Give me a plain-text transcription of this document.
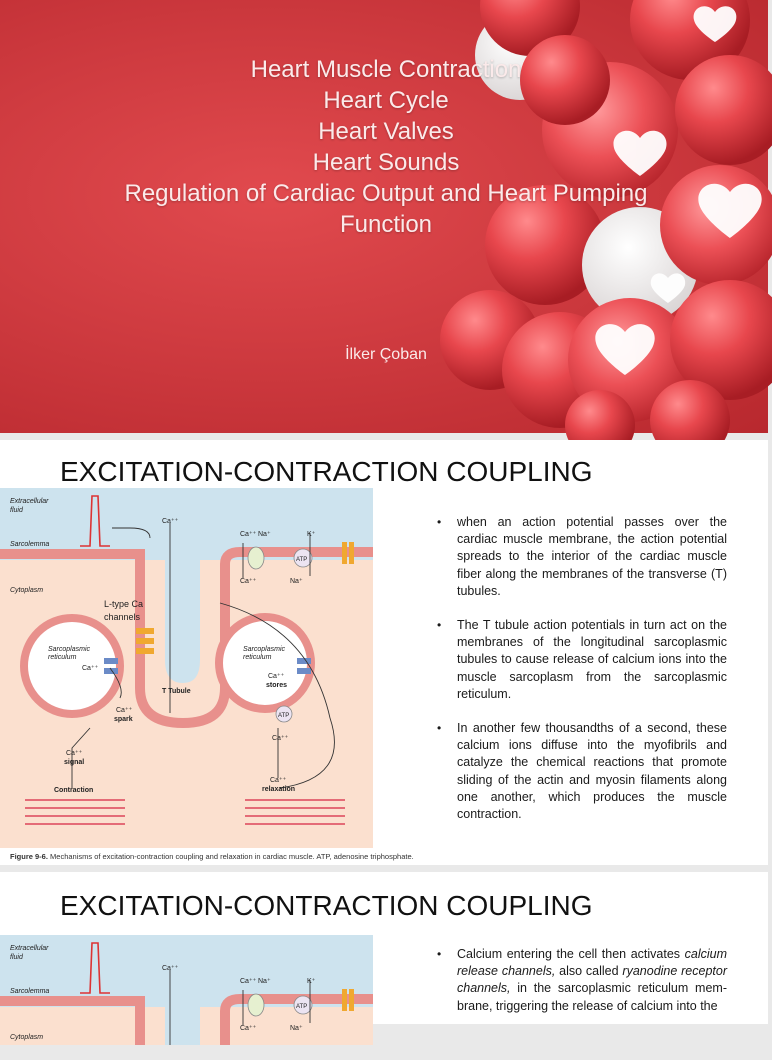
Heart Muscle Contraction
Heart Cycle
Heart Valves
Heart Sounds
Regulation of Cardiac Output and Heart Pumping
Function
İlker Çoban
EXCITATION-CONTRACTION COUPLING
Extracellular
fluid
Sarcolemma
Cytoplasm
L-type Ca
channels
Sarcoplasmic
reticulum
Sarcoplasmic
reticulum
T Tubule
Ca⁺⁺
Ca⁺⁺ Na⁺	K⁺
ATP
Ca⁺⁺	Na⁺
Ca⁺⁺
Ca⁺⁺
stores
ATP
Ca⁺⁺
Ca⁺⁺
spark
Ca⁺⁺
signal
Contraction
Ca⁺⁺
relaxation
Figure 9-6. Mechanisms of excitation-contraction coupling and relaxation in cardiac muscle. ATP, adenosine triphosphate.
• when an action potential passes over the cardiac muscle membrane, the action potential spreads to the interior of the cardiac muscle fiber along the membranes of the transverse (T) tubules.
• The T tubule action potentials in turn act on the membranes of the longitudinal sarcoplasmic tubules to cause release of calcium ions into the muscle sarcoplasm from the sarcoplasmic reticulum.
• In another few thousandths of a second, these calcium ions diffuse into the myofibrils and catalyze the chemical reactions that promote sliding of the actin and myosin filaments along one another, which produces the muscle contraction.
EXCITATION-CONTRACTION COUPLING
Extracellular
fluid
Sarcolemma
Cytoplasm
Ca⁺⁺
Ca⁺⁺ Na⁺	K⁺
ATP
Ca⁺⁺	Na⁺
• Calcium entering the cell then activates calcium release channels, also called ryanodine receptor channels, in the sarcoplasmic reticulum mem- brane, triggering the release of calcium into the
